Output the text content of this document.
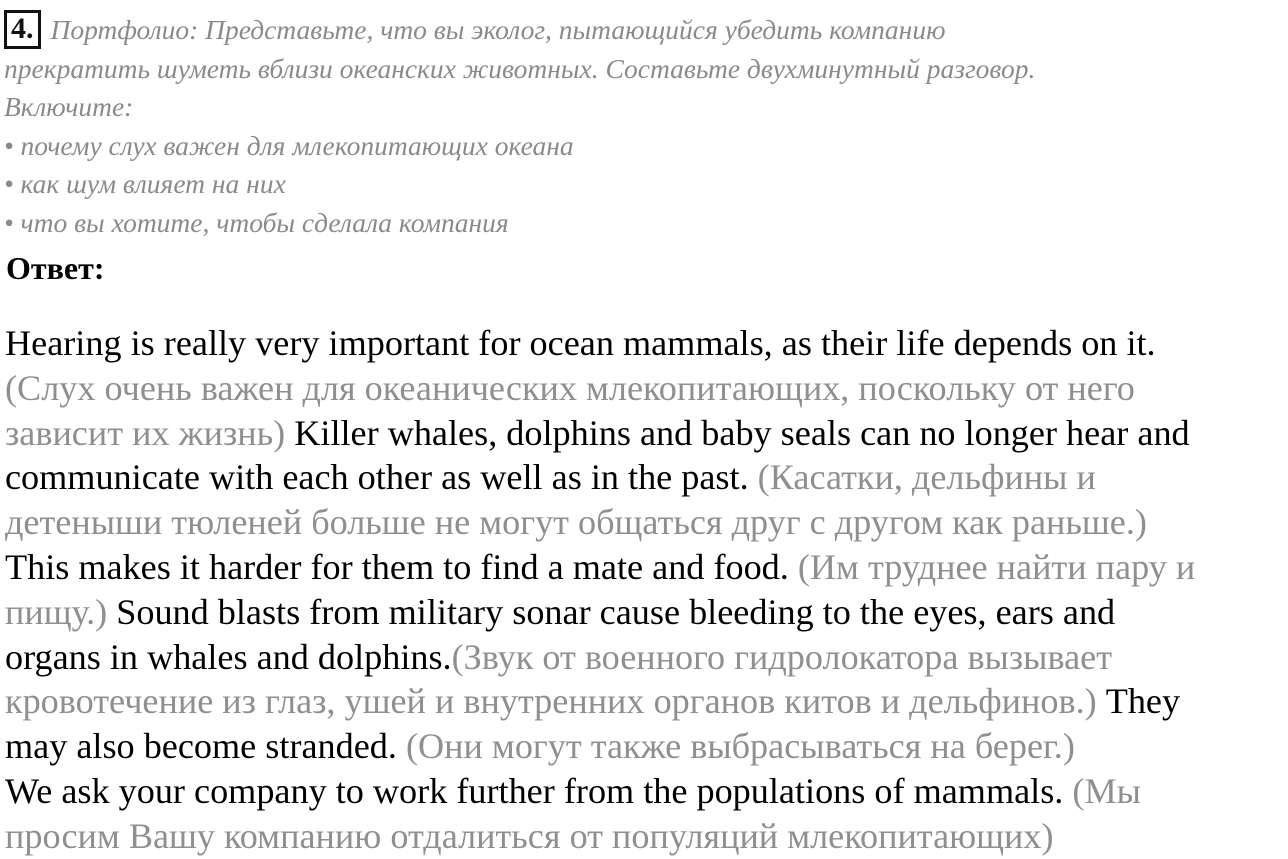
4. Портфолио: Представьте, что вы эколог, пытающийся убедить компанию
прекратить шуметь вблизи океанских животных. Составьте двухминутный разговор.
Включите:
• почему слух важен для млекопитающих океана
• как шум влияет на них
• что вы хотите, чтобы сделала компания
Ответ:
Hearing is really very important for ocean mammals, as their life depends on it.
(Слух очень важен для океанических млекопитающих, поскольку от него
зависит их жизнь) Killer whales, dolphins and baby seals can no longer hear and
communicate with each other as well as in the past. (Касатки, дельфины и
детеныши тюленей больше не могут общаться друг с другом как раньше.)
This makes it harder for them to find a mate and food. (Им труднее найти пару и
пищу.) Sound blasts from military sonar cause bleeding to the eyes, ears and
organs in whales and dolphins.(Звук от военного гидролокатора вызывает
кровотечение из глаз, ушей и внутренних органов китов и дельфинов.) They
may also become stranded. (Они могут также выбрасываться на берег.)
We ask your company to work further from the populations of mammals. (Мы
просим Вашу компанию отдалиться от популяций млекопитающих)
